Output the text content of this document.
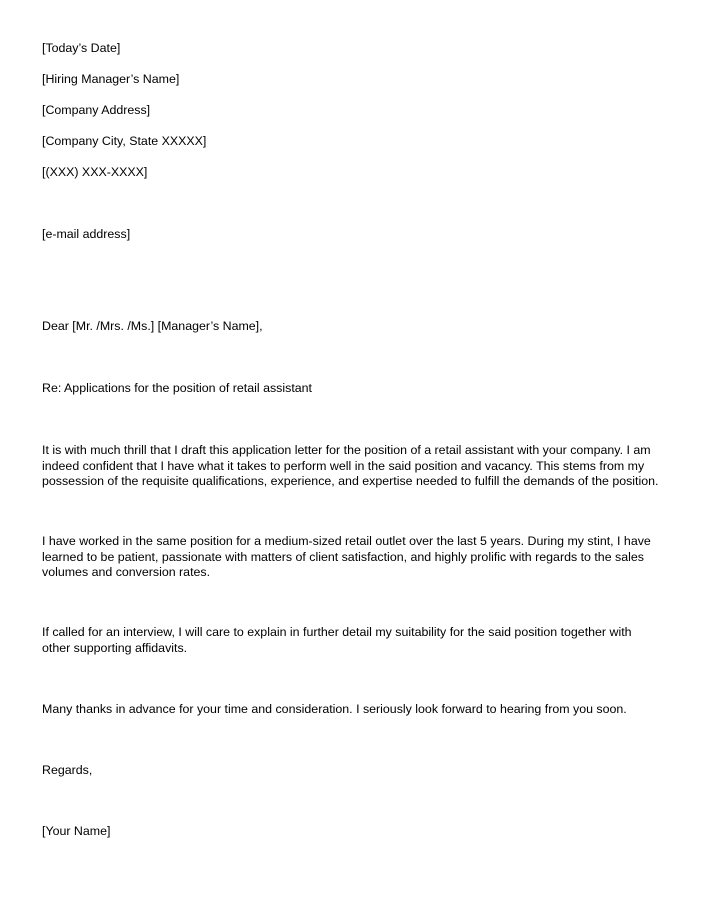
[Today’s Date]
[Hiring Manager’s Name]
[Company Address]
[Company City, State XXXXX]
[(XXX) XXX-XXXX]
[e-mail address]
Dear [Mr. /Mrs. /Ms.] [Manager’s Name],
Re: Applications for the position of retail assistant
It is with much thrill that I draft this application letter for the position of a retail assistant with your company. I am
indeed confident that I have what it takes to perform well in the said position and vacancy. This stems from my
possession of the requisite qualifications, experience, and expertise needed to fulfill the demands of the position.
I have worked in the same position for a medium-sized retail outlet over the last 5 years. During my stint, I have
learned to be patient, passionate with matters of client satisfaction, and highly prolific with regards to the sales
volumes and conversion rates.
If called for an interview, I will care to explain in further detail my suitability for the said position together with
other supporting affidavits.
Many thanks in advance for your time and consideration. I seriously look forward to hearing from you soon.
Regards,
[Your Name]
